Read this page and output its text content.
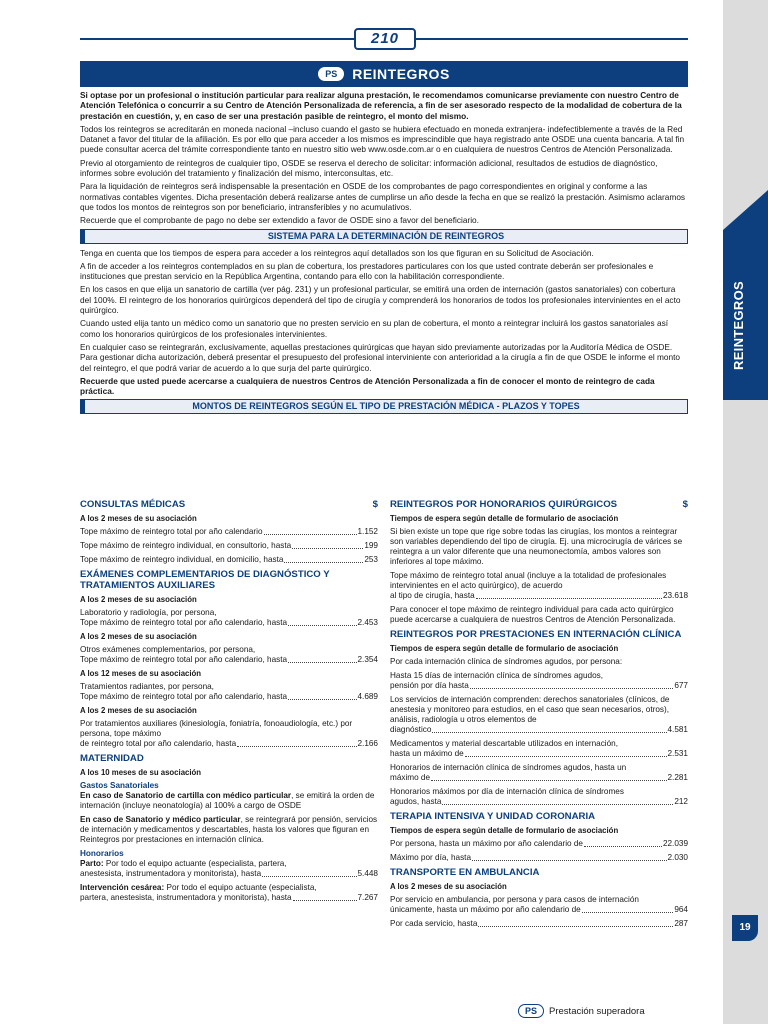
REINTEGROS
19
210
PS	REINTEGROS

Si optase por un profesional o institución particular para realizar alguna prestación, le recomendamos comunicarse previamente con nuestro Centro de Atención Telefónica o concurrir a su Centro de Atención Personalizada de referencia, a fin de ser asesorado respecto de la modalidad de cobertura de la prestación en cuestión, y, en caso de ser una prestación pasible de reintegro, el monto del mismo.

Todos los reintegros se acreditarán en moneda nacional –incluso cuando el gasto se hubiera efectuado en moneda extranjera- indefectiblemente a través de la Red Datanet a favor del titular de la afiliación. Es por ello que para acceder a los mismos es imprescindible que haya registrado ante OSDE una cuenta bancaria. A tal fin puede consultar acerca del trámite correspondiente tanto en nuestro sitio web www.osde.com.ar o en cualquiera de nuestros Centros de Atención Personalizada.

Previo al otorgamiento de reintegros de cualquier tipo, OSDE se reserva el derecho de solicitar: información adicional, resultados de estudios de diagnóstico, informes sobre evolución del tratamiento y finalización del mismo, interconsultas, etc.

Para la liquidación de reintegros será indispensable la presentación en OSDE de los comprobantes de pago correspondientes en original y conforme a las normativas contables vigentes. Dicha presentación deberá realizarse antes de cumplirse un año desde la fecha en que se realizó la prestación. Asimismo aclaramos que todos los montos de reintegros son por beneficiario, intransferibles y no acumulativos.

Recuerde que el comprobante de pago no debe ser extendido a favor de OSDE sino a favor del beneficiario.

SISTEMA PARA LA DETERMINACIÓN DE REINTEGROS

Tenga en cuenta que los tiempos de espera para acceder a los reintegros aquí detallados son los que figuran en su Solicitud de Asociación.

A fin de acceder a los reintegros contemplados en su plan de cobertura, los prestadores particulares con los que usted contrate deberán ser profesionales e instituciones que prestan servicio en la República Argentina, contando para ello con la habilitación correspondiente.

En los casos en que elija un sanatorio de cartilla (ver pág. 231) y un profesional particular, se emitirá una orden de internación (gastos sanatoriales) con cobertura del 100%. El reintegro de los honorarios quirúrgicos dependerá del tipo de cirugía y comprenderá los honorarios de todos los profesionales intervinientes en el acto quirúrgico.

Cuando usted elija tanto un médico como un sanatorio que no presten servicio en su plan de cobertura, el monto a reintegrar incluirá los gastos sanatoriales así como los honorarios quirúrgicos de los profesionales intervinientes.

En cualquier caso se reintegrarán, exclusivamente, aquellas prestaciones quirúrgicas que hayan sido previamente autorizadas por la Auditoría Médica de OSDE. Para gestionar dicha autorización, deberá presentar el presupuesto del profesional interviniente con anterioridad a la cirugía a fin de que OSDE le informe el monto del reintegro, el que podrá variar de acuerdo a lo que surja del parte quirúrgico.

Recuerde que usted puede acercarse a cualquiera de nuestros Centros de Atención Personalizada a fin de conocer el monto de reintegro de cada práctica.

MONTOS DE REINTEGROS SEGÚN EL TIPO DE PRESTACIÓN MÉDICA - PLAZOS Y TOPES
CONSULTAS MÉDICAS	$
A los 2 meses de su asociación
Tope máximo de reintegro total por año calendario	1.152
Tope máximo de reintegro individual, en consultorio, hasta	199
Tope máximo de reintegro individual, en domicilio, hasta	253
EXÁMENES COMPLEMENTARIOS DE DIAGNÓSTICO Y TRATAMIENTOS AUXILIARES
A los 2 meses de su asociación
Laboratorio y radiología, por persona,
Tope máximo de reintegro total por año calendario, hasta	2.453
A los 2 meses de su asociación
Otros exámenes complementarios, por persona,
Tope máximo de reintegro total por año calendario, hasta	2.354
A los 12 meses de su asociación
Tratamientos radiantes, por persona,
Tope máximo de reintegro total por año calendario, hasta	4.689
A los 2 meses de su asociación
Por tratamientos auxiliares (kinesiología, foniatría, fonoaudiología, etc.) por persona, tope máximo
de reintegro total por año calendario, hasta	2.166
MATERNIDAD
A los 10 meses de su asociación
Gastos Sanatoriales
En caso de Sanatorio de cartilla con médico particular, se emitirá la orden de internación (incluye neonatología) al 100% a cargo de OSDE
En caso de Sanatorio y médico particular, se reintegrará por pensión, servicios de internación y medicamentos y descartables, hasta los valores que figuran en Reintegros por prestaciones en internación clínica.
Honorarios
Parto: Por todo el equipo actuante (especialista, partera,
anestesista, instrumentadora y monitorista), hasta	5.448
Intervención cesárea: Por todo el equipo actuante (especialista,
partera, anestesista, instrumentadora y monitorista), hasta	7.267
REINTEGROS POR HONORARIOS QUIRÚRGICOS	$
Tiempos de espera según detalle de formulario de asociación
Si bien existe un tope que rige sobre todas las cirugías, los montos a reintegrar son variables dependiendo del tipo de cirugía. Ej. una microcirugía de várices se reintegra a un valor diferente que una neumonectomía, ambos valores son inferiores al tope máximo.
Tope máximo de reintegro total anual (incluye a la totalidad de profesionales intervinientes en el acto quirúrgico), de acuerdo
al tipo de cirugía, hasta	23.618
Para conocer el tope máximo de reintegro individual para cada acto quirúrgico puede acercarse a cualquiera de nuestros Centros de Atención Personalizada.
REINTEGROS POR PRESTACIONES EN INTERNACIÓN CLÍNICA
Tiempos de espera según detalle de formulario de asociación
Por cada internación clínica de síndromes agudos, por persona:
Hasta 15 días de internación clínica de síndromes agudos,
pensión por día hasta	677
Los servicios de internación comprenden: derechos sanatoriales (clínicos, de anestesia y monitoreo para estudios, en el caso que sean necesarios, otros), análisis, radiología u otros elementos de
diagnóstico	4.581
Medicamentos y material descartable utilizados en internación,
hasta un máximo de	2.531
Honorarios de internación clínica de síndromes agudos, hasta un
máximo de	2.281
Honorarios máximos por día de internación clínica de síndromes
agudos, hasta	212
TERAPIA INTENSIVA Y UNIDAD CORONARIA
Tiempos de espera según detalle de formulario de asociación
Por persona, hasta un máximo por año calendario de	22.039
Máximo por día, hasta	2.030
TRANSPORTE EN AMBULANCIA
A los 2 meses de su asociación
Por servicio en ambulancia, por persona y para casos de internación
únicamente, hasta un máximo por año calendario de	964
Por cada servicio, hasta	287
PS	Prestación superadora
